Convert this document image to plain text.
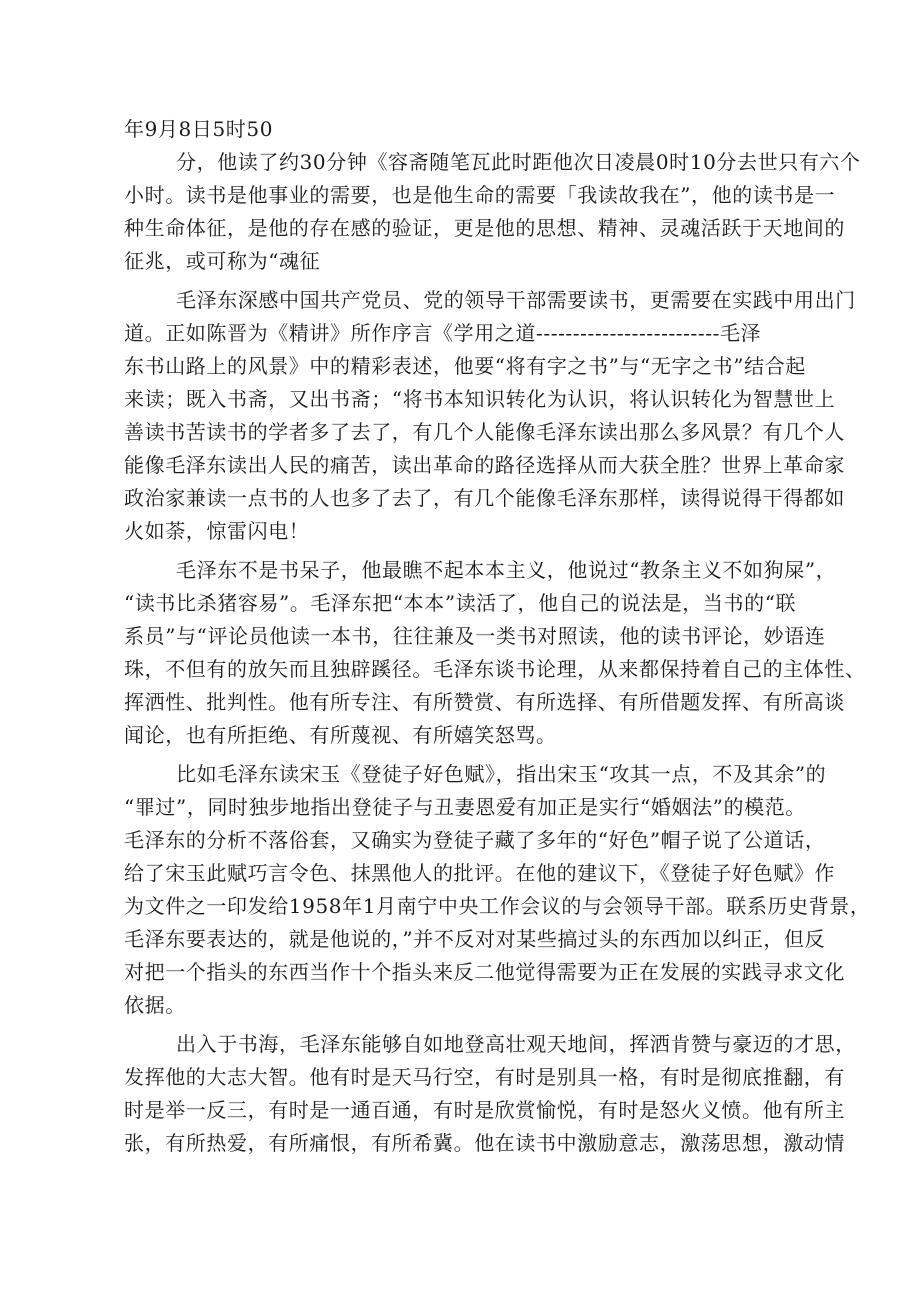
年9月8日5时50
分，他读了约30分钟《容斋随笔瓦此时距他次日凌晨0时10分去世只有六个
小时。读书是他事业的需要，也是他生命的需要「我读故我在”，他的读书是一
种生命体征，是他的存在感的验证，更是他的思想、精神、灵魂活跃于天地间的
征兆，或可称为“魂征
毛泽东深感中国共产党员、党的领导干部需要读书，更需要在实践中用出门
道。正如陈晋为《精讲》所作序言《学用之道-------------------------毛泽
东书山路上的风景》中的精彩表述，他要“将有字之书”与“无字之书”结合起
来读；既入书斋，又出书斋；“将书本知识转化为认识，将认识转化为智慧世上
善读书苦读书的学者多了去了，有几个人能像毛泽东读出那么多风景？有几个人
能像毛泽东读出人民的痛苦，读出革命的路径选择从而大获全胜？世界上革命家
政治家兼读一点书的人也多了去了，有几个能像毛泽东那样，读得说得干得都如
火如荼，惊雷闪电！
毛泽东不是书呆子，他最瞧不起本本主义，他说过“教条主义不如狗屎”，
“读书比杀猪容易”。毛泽东把“本本”读活了，他自己的说法是，当书的“联
系员”与“评论员他读一本书，往往兼及一类书对照读，他的读书评论，妙语连
珠，不但有的放矢而且独辟蹊径。毛泽东谈书论理，从来都保持着自己的主体性、
挥洒性、批判性。他有所专注、有所赞赏、有所选择、有所借题发挥、有所高谈
闻论，也有所拒绝、有所蔑视、有所嬉笑怒骂。
比如毛泽东读宋玉《登徒子好色赋》，指出宋玉“攻其一点，不及其余”的
“罪过”，同时独步地指出登徒子与丑妻恩爱有加正是实行“婚姻法”的模范。
毛泽东的分析不落俗套，又确实为登徒子藏了多年的“好色”帽子说了公道话，
给了宋玉此赋巧言令色、抹黑他人的批评。在他的建议下，《登徒子好色赋》作
为文件之一印发给1958年1月南宁中央工作会议的与会领导干部。联系历史背景，
毛泽东要表达的，就是他说的，”并不反对对某些搞过头的东西加以纠正，但反
对把一个指头的东西当作十个指头来反二他觉得需要为正在发展的实践寻求文化
依据。
出入于书海，毛泽东能够自如地登高壮观天地间，挥洒肯赞与豪迈的才思，
发挥他的大志大智。他有时是天马行空，有时是别具一格，有时是彻底推翻，有
时是举一反三，有时是一通百通，有时是欣赏愉悦，有时是怒火义愤。他有所主
张，有所热爱，有所痛恨，有所希冀。他在读书中激励意志，激荡思想，激动情
